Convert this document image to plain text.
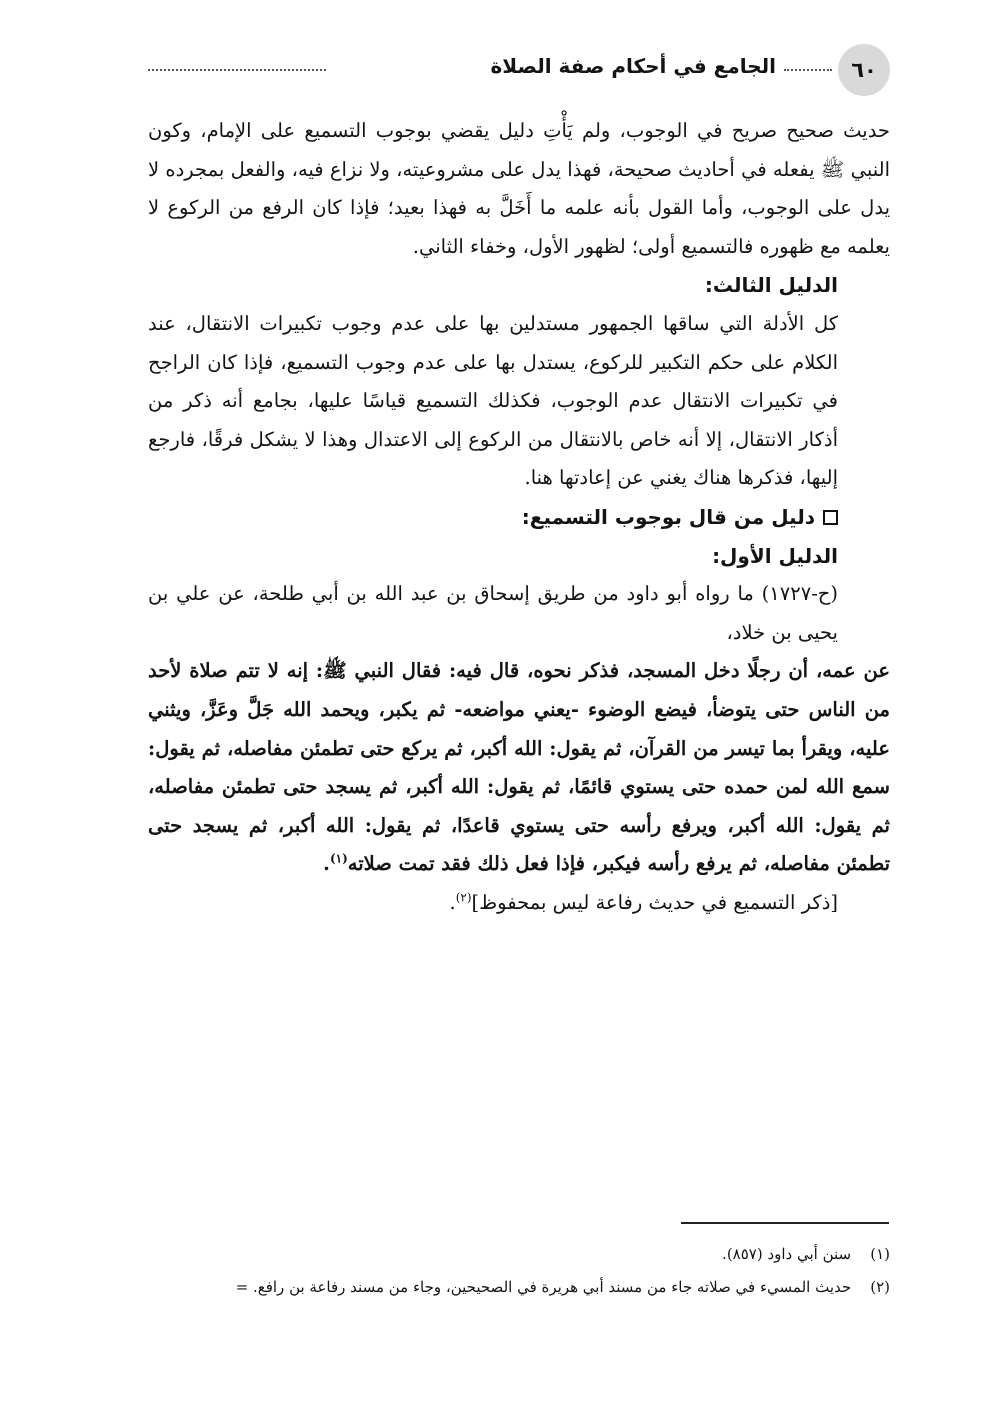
٦٠
الجامع في أحكام صفة الصلاة

حديث صحيح صريح في الوجوب، ولم يَأْتِ دليل يقضي بوجوب التسميع على الإمام، وكون النبي ﷺ يفعله في أحاديث صحيحة، فهذا يدل على مشروعيته، ولا نزاع فيه، والفعل بمجرده لا يدل على الوجوب، وأما القول بأنه علمه ما أَخَلَّ به فهذا بعيد؛ فإذا كان الرفع من الركوع لا يعلمه مع ظهوره فالتسميع أولى؛ لظهور الأول، وخفاء الثاني.

الدليل الثالث:

كل الأدلة التي ساقها الجمهور مستدلين بها على عدم وجوب تكبيرات الانتقال، عند الكلام على حكم التكبير للركوع، يستدل بها على عدم وجوب التسميع، فإذا كان الراجح في تكبيرات الانتقال عدم الوجوب، فكذلك التسميع قياسًا عليها، بجامع أنه ذكر من أذكار الانتقال، إلا أنه خاص بالانتقال من الركوع إلى الاعتدال وهذا لا يشكل فرقًا، فارجع إليها، فذكرها هناك يغني عن إعادتها هنا.

دليل من قال بوجوب التسميع:

الدليل الأول:

(ح-١٧٢٧) ما رواه أبو داود من طريق إسحاق بن عبد الله بن أبي طلحة، عن علي بن يحيى بن خلاد،

عن عمه، أن رجلًا دخل المسجد، فذكر نحوه، قال فيه: فقال النبي ﷺ: إنه لا تتم صلاة لأحد من الناس حتى يتوضأ، فيضع الوضوء -يعني مواضعه- ثم يكبر، ويحمد الله جَلَّ وعَزَّ، ويثني عليه، ويقرأ بما تيسر من القرآن، ثم يقول: الله أكبر، ثم يركع حتى تطمئن مفاصله، ثم يقول: سمع الله لمن حمده حتى يستوي قائمًا، ثم يقول: الله أكبر، ثم يسجد حتى تطمئن مفاصله، ثم يقول: الله أكبر، ويرفع رأسه حتى يستوي قاعدًا، ثم يقول: الله أكبر، ثم يسجد حتى تطمئن مفاصله، ثم يرفع رأسه فيكبر، فإذا فعل ذلك فقد تمت صلاته$^{(١)}$.

[ذكر التسميع في حديث رفاعة ليس بمحفوظ]$^{(٢)}$.

(١)    سنن أبي داود (٨٥٧).

(٢)    حديث المسيء في صلاته جاء من مسند أبي هريرة في الصحيحين، وجاء من مسند رفاعة بن رافع. =
